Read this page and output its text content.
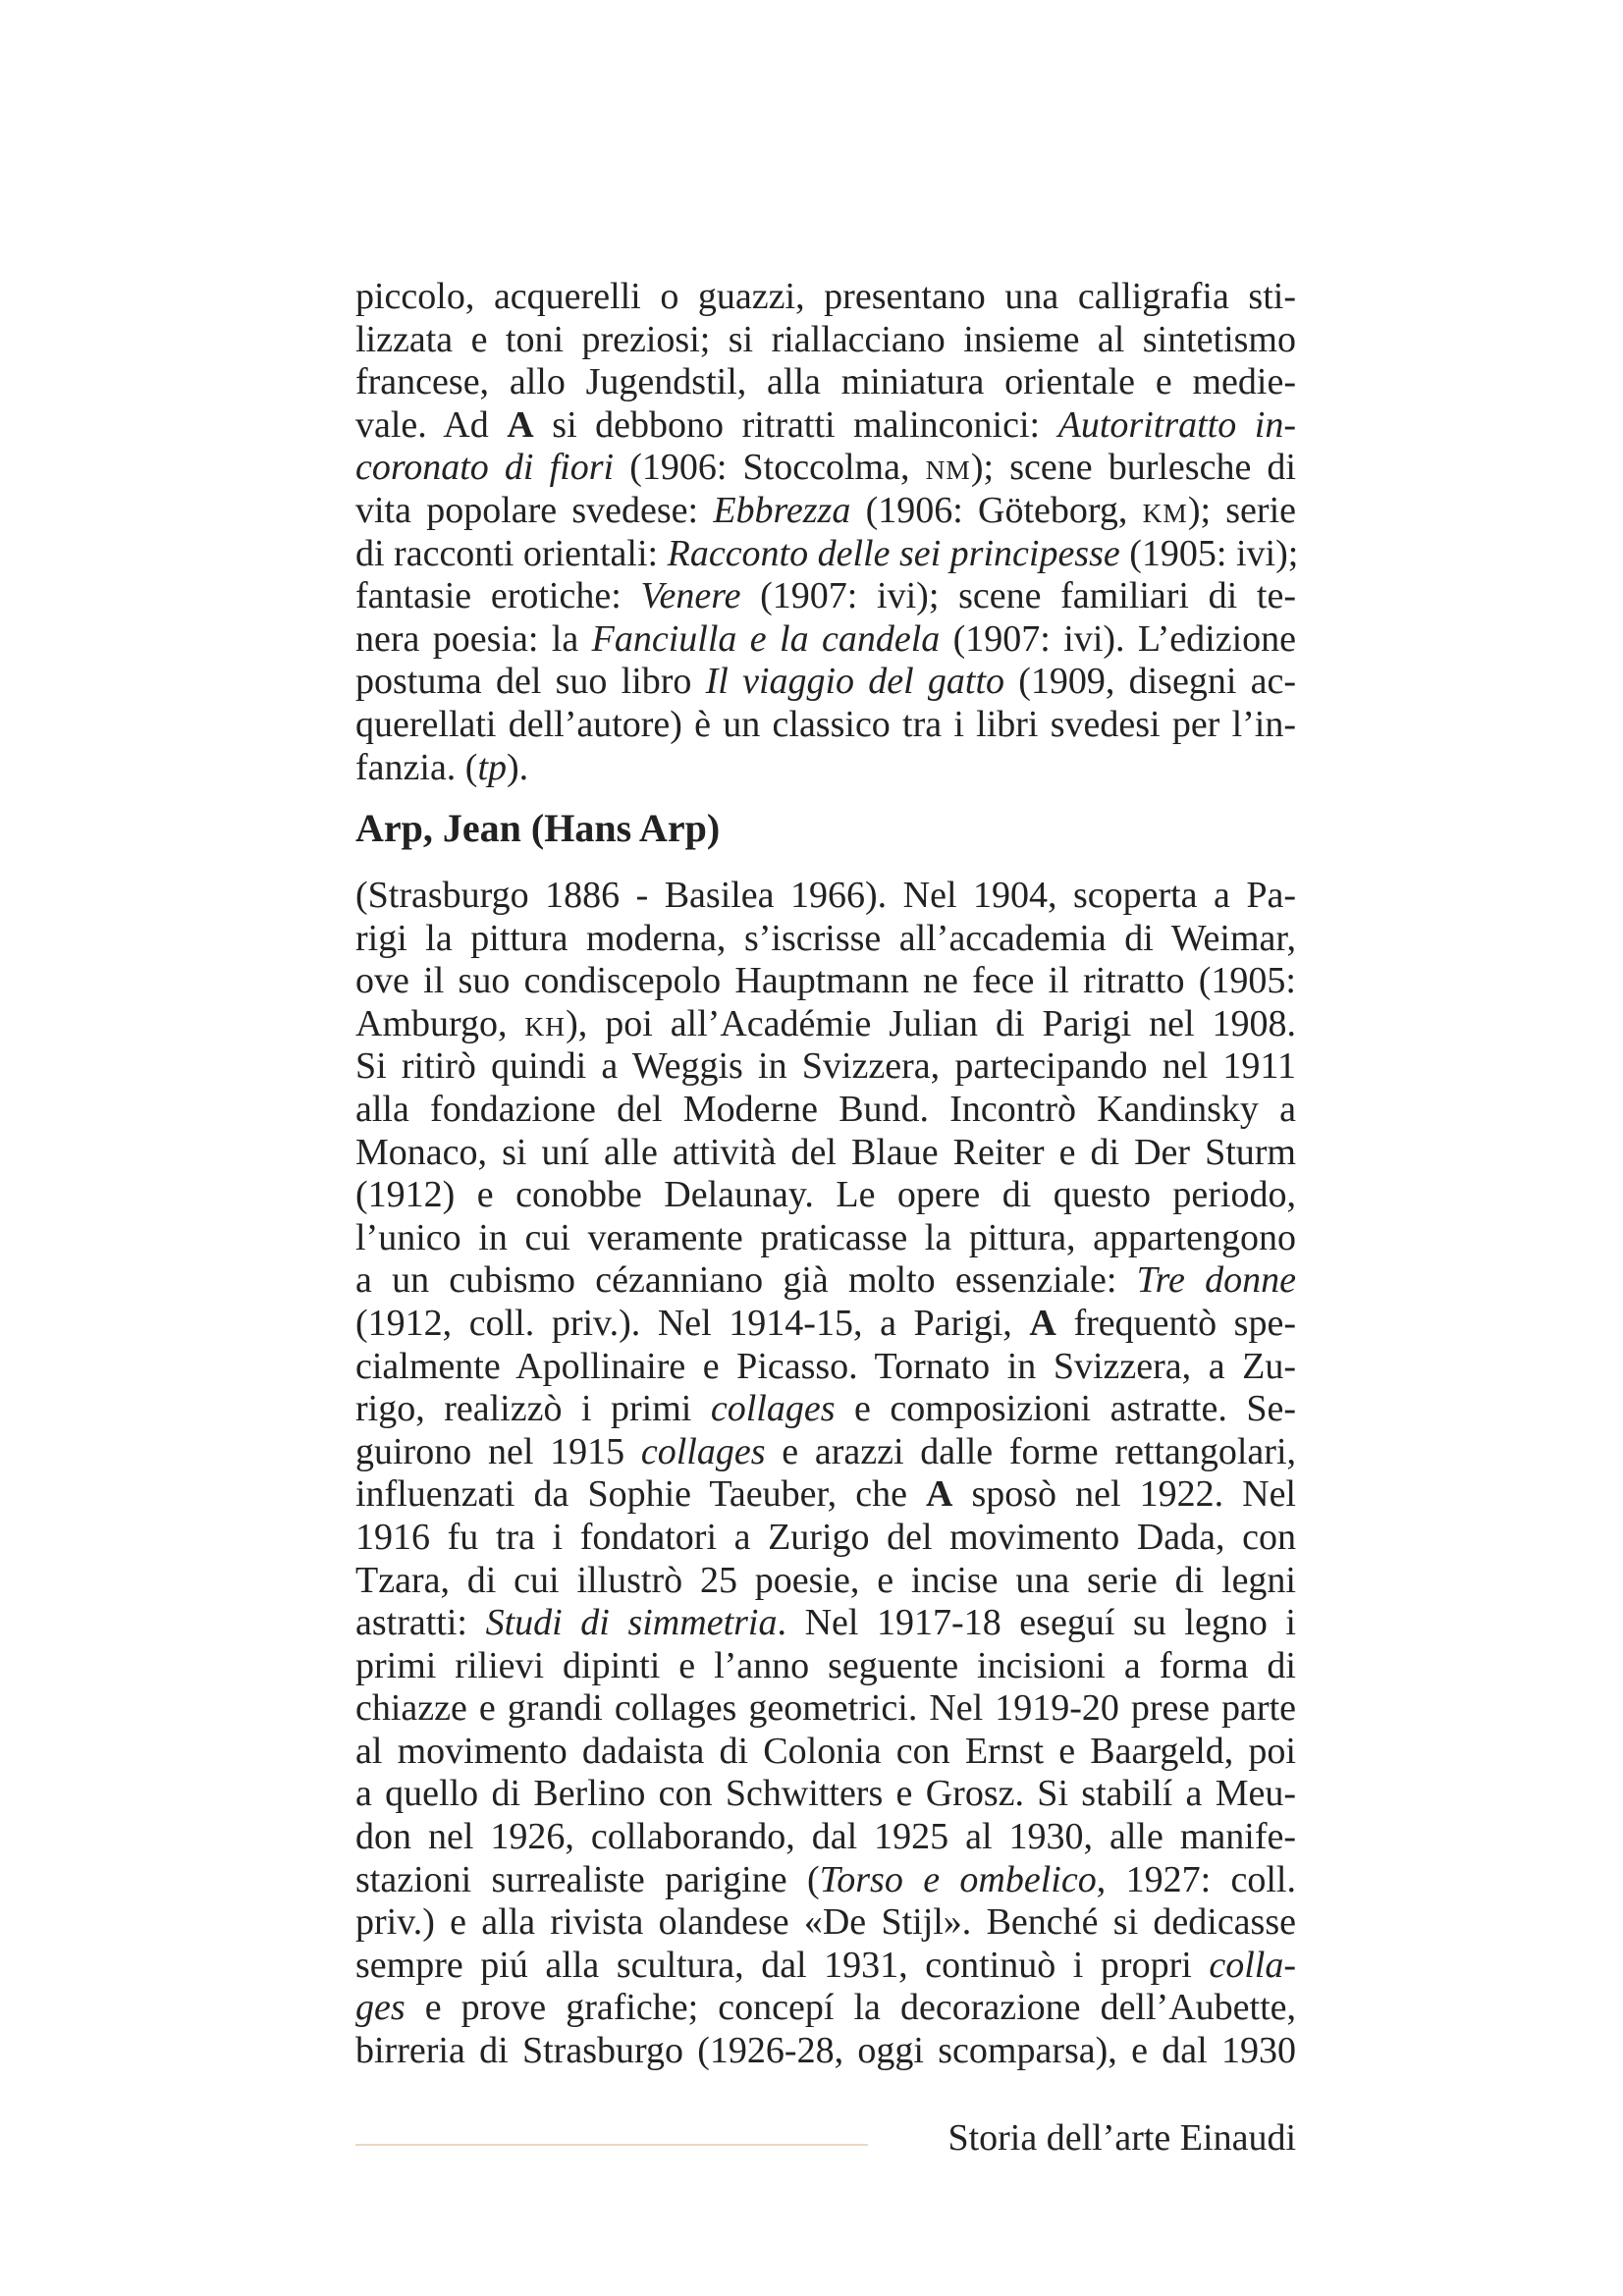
piccolo, acquerelli o guazzi, presentano una calligrafia sti-
lizzata e toni preziosi; si riallacciano insieme al sintetismo
francese, allo Jugendstil, alla miniatura orientale e medie-
vale. Ad A si debbono ritratti malinconici: Autoritratto in-
coronato di fiori (1906: Stoccolma, NM); scene burlesche di
vita popolare svedese: Ebbrezza (1906: Göteborg, KM); serie
di racconti orientali: Racconto delle sei principesse (1905: ivi);
fantasie erotiche: Venere (1907: ivi); scene familiari di te-
nera poesia: la Fanciulla e la candela (1907: ivi). L’edizione
postuma del suo libro Il viaggio del gatto (1909, disegni ac-
querellati dell’autore) è un classico tra i libri svedesi per l’in-
fanzia. (tp).
Arp, Jean (Hans Arp)
(Strasburgo 1886 - Basilea 1966). Nel 1904, scoperta a Pa-
rigi la pittura moderna, s’iscrisse all’accademia di Weimar,
ove il suo condiscepolo Hauptmann ne fece il ritratto (1905:
Amburgo, KH), poi all’Académie Julian di Parigi nel 1908.
Si ritirò quindi a Weggis in Svizzera, partecipando nel 1911
alla fondazione del Moderne Bund. Incontrò Kandinsky a
Monaco, si uní alle attività del Blaue Reiter e di Der Sturm
(1912) e conobbe Delaunay. Le opere di questo periodo,
l’unico in cui veramente praticasse la pittura, appartengono
a un cubismo cézanniano già molto essenziale: Tre donne
(1912, coll. priv.). Nel 1914-15, a Parigi, A frequentò spe-
cialmente Apollinaire e Picasso. Tornato in Svizzera, a Zu-
rigo, realizzò i primi collages e composizioni astratte. Se-
guirono nel 1915 collages e arazzi dalle forme rettangolari,
influenzati da Sophie Taeuber, che A sposò nel 1922. Nel
1916 fu tra i fondatori a Zurigo del movimento Dada, con
Tzara, di cui illustrò 25 poesie, e incise una serie di legni
astratti: Studi di simmetria. Nel 1917-18 eseguí su legno i
primi rilievi dipinti e l’anno seguente incisioni a forma di
chiazze e grandi collages geometrici. Nel 1919-20 prese parte
al movimento dadaista di Colonia con Ernst e Baargeld, poi
a quello di Berlino con Schwitters e Grosz. Si stabilí a Meu-
don nel 1926, collaborando, dal 1925 al 1930, alle manife-
stazioni surrealiste parigine (Torso e ombelico, 1927: coll.
priv.) e alla rivista olandese «De Stijl». Benché si dedicasse
sempre piú alla scultura, dal 1931, continuò i propri colla-
ges e prove grafiche; concepí la decorazione dell’Aubette,
birreria di Strasburgo (1926-28, oggi scomparsa), e dal 1930
Storia dell’arte Einaudi
